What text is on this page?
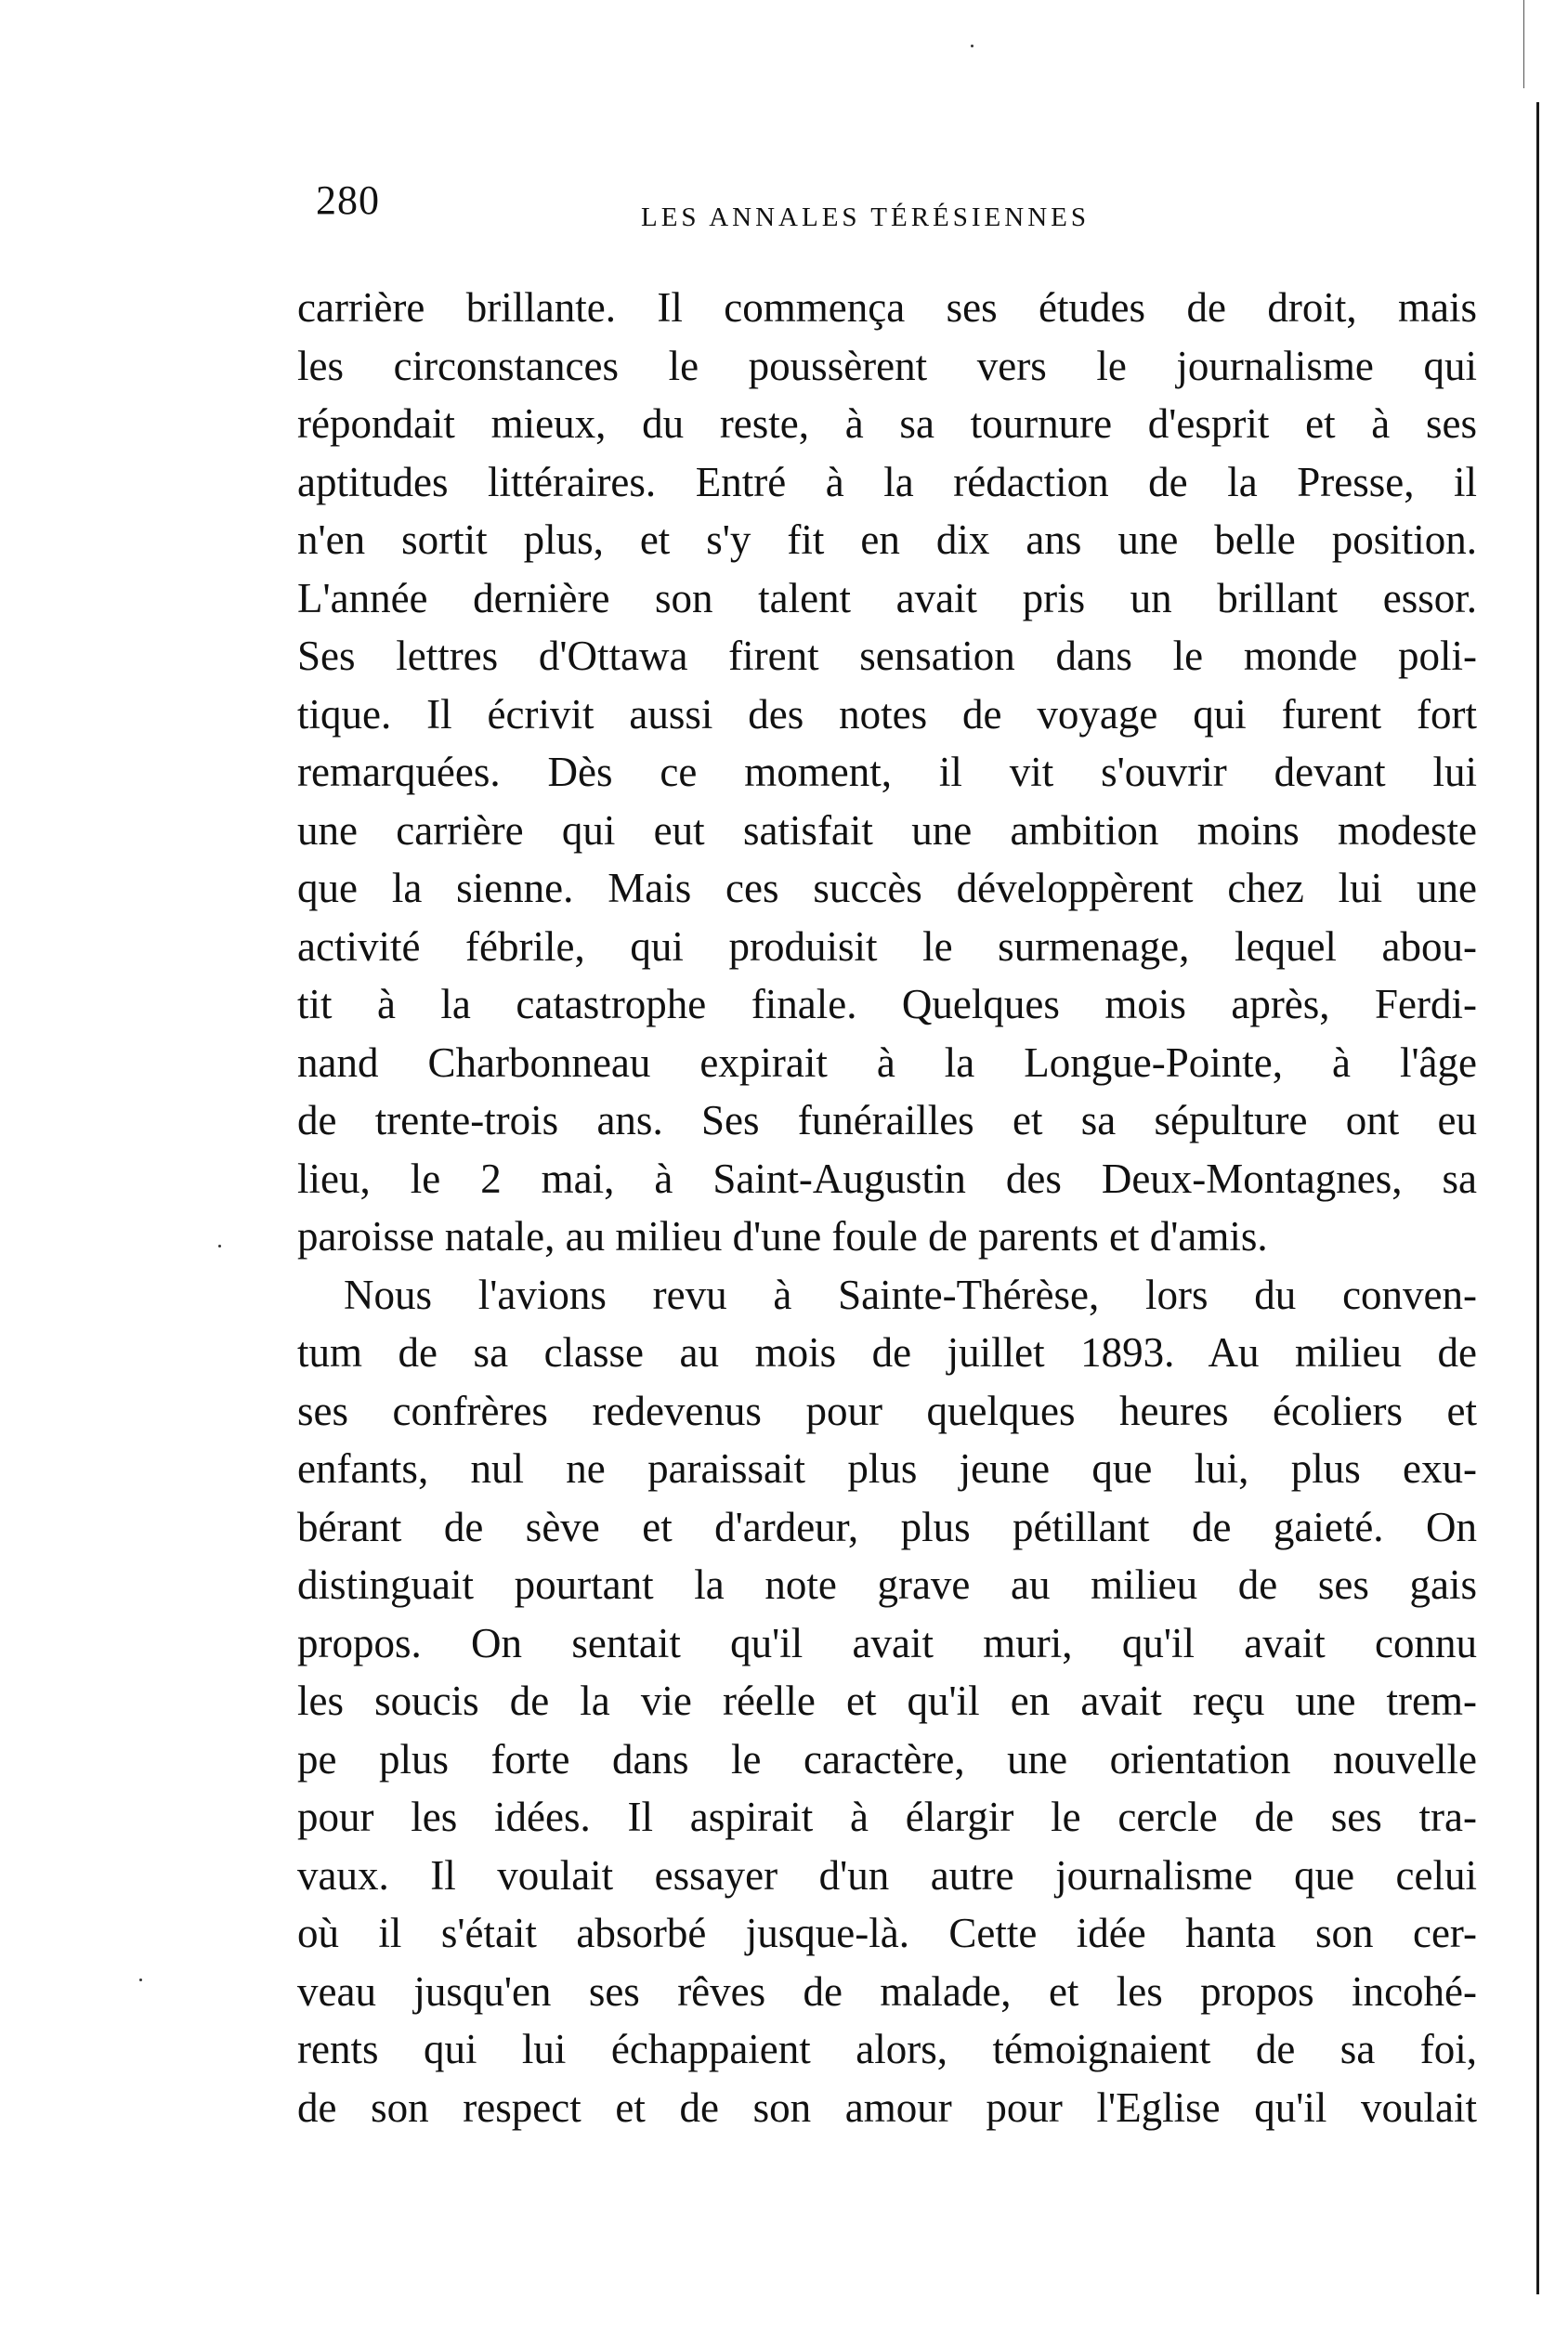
280	LES ANNALES TÉRÉSIENNES
carrière brillante. Il commença ses études de droit, mais
les circonstances le poussèrent vers le journalisme qui
répondait mieux, du reste, à sa tournure d'esprit et à ses
aptitudes littéraires. Entré à la rédaction de la Presse, il
n'en sortit plus, et s'y fit en dix ans une belle position.
L'année dernière son talent avait pris un brillant essor.
Ses lettres d'Ottawa firent sensation dans le monde poli-
tique. Il écrivit aussi des notes de voyage qui furent fort
remarquées. Dès ce moment, il vit s'ouvrir devant lui
une carrière qui eut satisfait une ambition moins modeste
que la sienne. Mais ces succès développèrent chez lui une
activité fébrile, qui produisit le surmenage, lequel abou-
tit à la catastrophe finale. Quelques mois après, Ferdi-
nand Charbonneau expirait à la Longue-Pointe, à l'âge
de trente-trois ans. Ses funérailles et sa sépulture ont eu
lieu, le 2 mai, à Saint-Augustin des Deux-Montagnes, sa
paroisse natale, au milieu d'une foule de parents et d'amis.
Nous l'avions revu à Sainte-Thérèse, lors du conven-
tum de sa classe au mois de juillet 1893. Au milieu de
ses confrères redevenus pour quelques heures écoliers et
enfants, nul ne paraissait plus jeune que lui, plus exu-
bérant de sève et d'ardeur, plus pétillant de gaieté. On
distinguait pourtant la note grave au milieu de ses gais
propos. On sentait qu'il avait muri, qu'il avait connu
les soucis de la vie réelle et qu'il en avait reçu une trem-
pe plus forte dans le caractère, une orientation nouvelle
pour les idées. Il aspirait à élargir le cercle de ses tra-
vaux. Il voulait essayer d'un autre journalisme que celui
où il s'était absorbé jusque-là. Cette idée hanta son cer-
veau jusqu'en ses rêves de malade, et les propos incohé-
rents qui lui échappaient alors, témoignaient de sa foi,
de son respect et de son amour pour l'Eglise qu'il voulait
